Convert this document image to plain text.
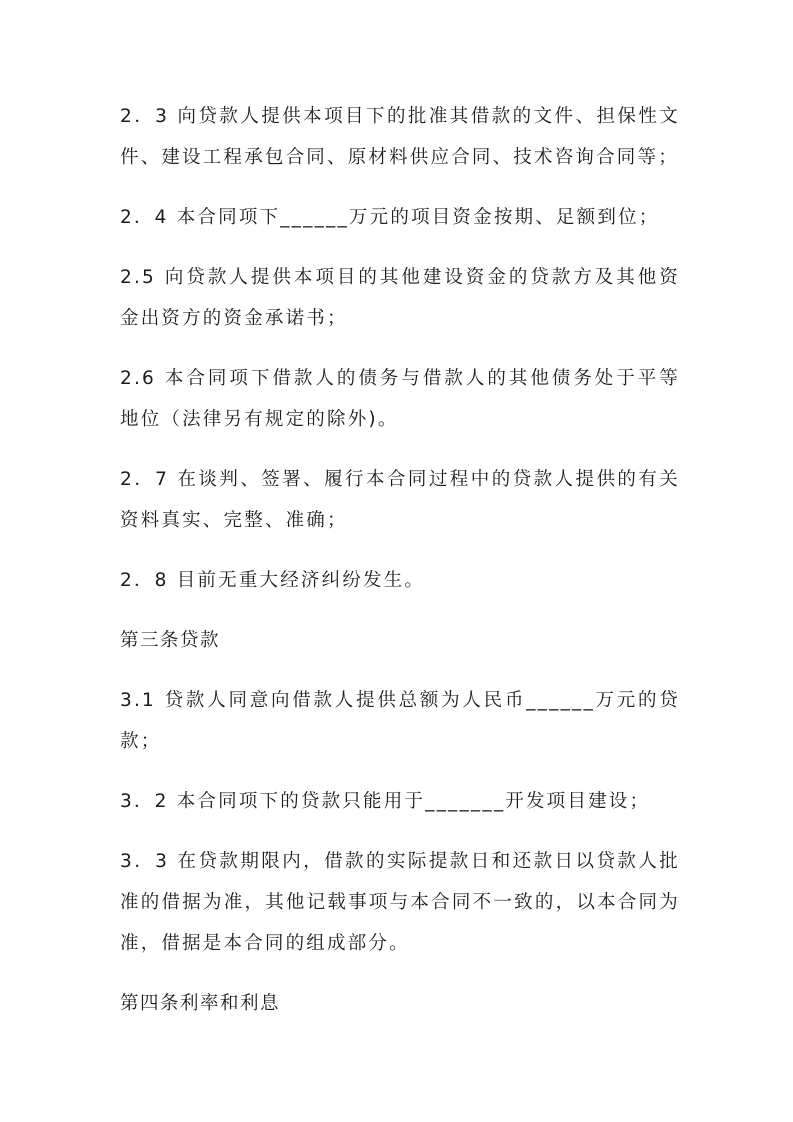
2．3 向贷款人提供本项目下的批准其借款的文件、担保性文件、建设工程承包合同、原材料供应合同、技术咨询合同等；

2．4 本合同项下______万元的项目资金按期、足额到位；

2.5 向贷款人提供本项目的其他建设资金的贷款方及其他资金出资方的资金承诺书；

2.6 本合同项下借款人的债务与借款人的其他债务处于平等地位（法律另有规定的除外)。

2．7 在谈判、签署、履行本合同过程中的贷款人提供的有关资料真实、完整、准确；

2．8 目前无重大经济纠纷发生。

第三条贷款

3.1 贷款人同意向借款人提供总额为人民币______万元的贷款；

3．2 本合同项下的贷款只能用于_______开发项目建设；

3．3 在贷款期限内，借款的实际提款日和还款日以贷款人批准的借据为准，其他记载事项与本合同不一致的，以本合同为准，借据是本合同的组成部分。

第四条利率和利息
